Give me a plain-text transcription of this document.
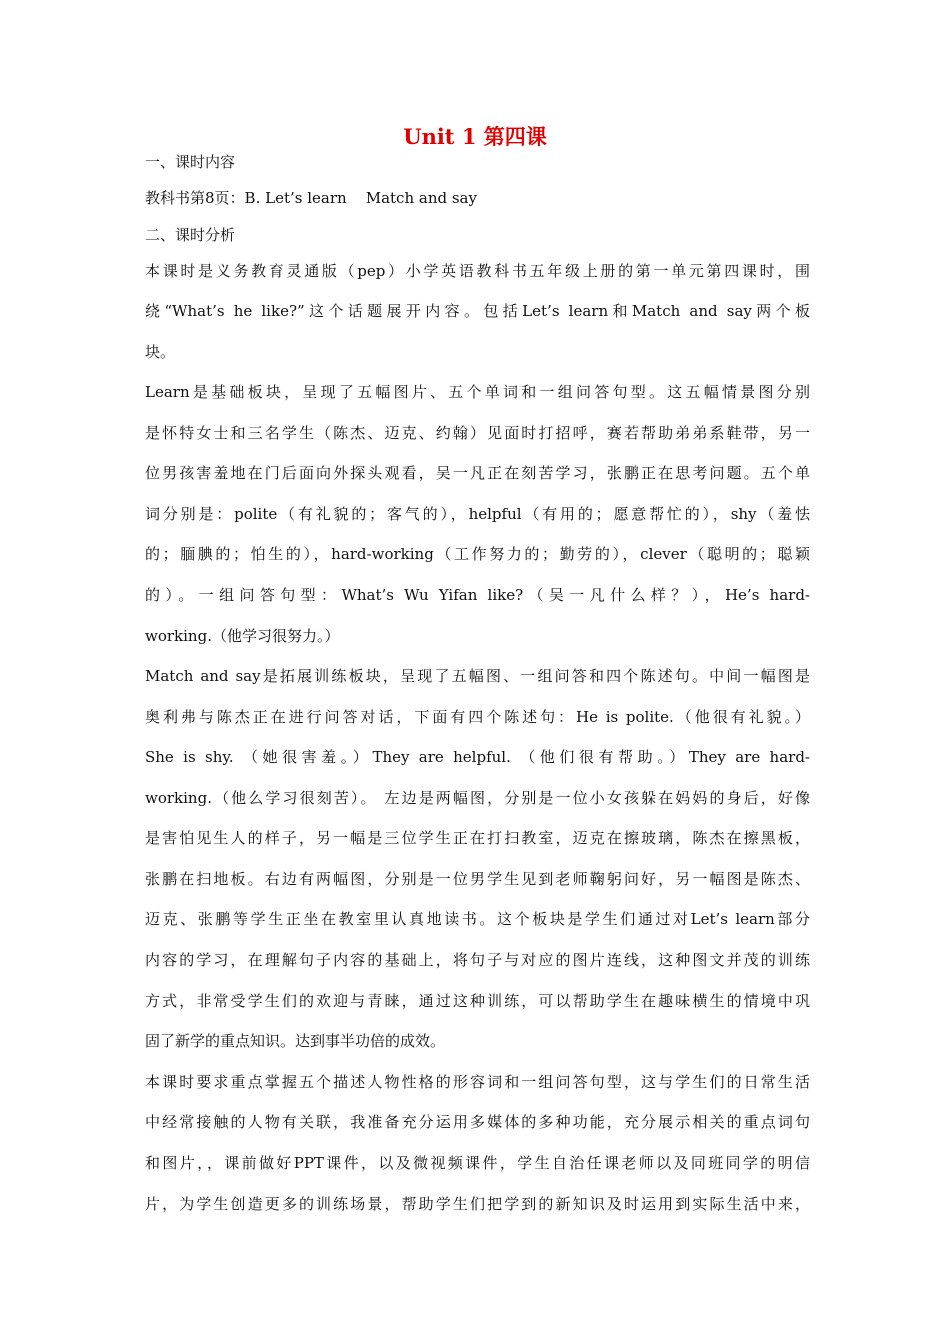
Unit 1 第四课
一、课时内容
教科书第8页：B. Let’s learn    Match and say
二、课时分析
本课时是义务教育灵通版（pep）小学英语教科书五年级上册的第一单元第四课时，围
绕“What’s he like?”这个话题展开内容。包括Let’s learn和Match and say两个板
块。
Learn是基础板块，呈现了五幅图片、五个单词和一组问答句型。这五幅情景图分别
是怀特女士和三名学生（陈杰、迈克、约翰）见面时打招呼，赛若帮助弟弟系鞋带，另一
位男孩害羞地在门后面向外探头观看，吴一凡正在刻苦学习，张鹏正在思考问题。五个单
词分别是：polite（有礼貌的；客气的），helpful（有用的；愿意帮忙的），shy（羞怯
的；腼腆的；怕生的），hard-working（工作努力的；勤劳的），clever（聪明的；聪颖
的）。一组问答句型：What’s Wu Yifan like?（吴一凡什么样？），He’s hard-
working.（他学习很努力。）
Match and say是拓展训练板块，呈现了五幅图、一组问答和四个陈述句。中间一幅图是
奥利弗与陈杰正在进行问答对话，下面有四个陈述句：He is polite.（他很有礼貌。）
She is shy. （她很害羞。）They are helpful. （他们很有帮助。）They are hard-
working.（他么学习很刻苦）。 左边是两幅图，分别是一位小女孩躲在妈妈的身后，好像
是害怕见生人的样子，另一幅是三位学生正在打扫教室，迈克在擦玻璃，陈杰在擦黑板，
张鹏在扫地板。右边有两幅图，分别是一位男学生见到老师鞠躬问好，另一幅图是陈杰、
迈克、张鹏等学生正坐在教室里认真地读书。这个板块是学生们通过对Let’s learn部分
内容的学习，在理解句子内容的基础上，将句子与对应的图片连线，这种图文并茂的训练
方式，非常受学生们的欢迎与青睐，通过这种训练，可以帮助学生在趣味横生的情境中巩
固了新学的重点知识。达到事半功倍的成效。
本课时要求重点掌握五个描述人物性格的形容词和一组问答句型，这与学生们的日常生活
中经常接触的人物有关联，我准备充分运用多媒体的多种功能，充分展示相关的重点词句
和图片，，课前做好PPT课件，以及微视频课件，学生自治任课老师以及同班同学的明信
片，为学生创造更多的训练场景，帮助学生们把学到的新知识及时运用到实际生活中来，
